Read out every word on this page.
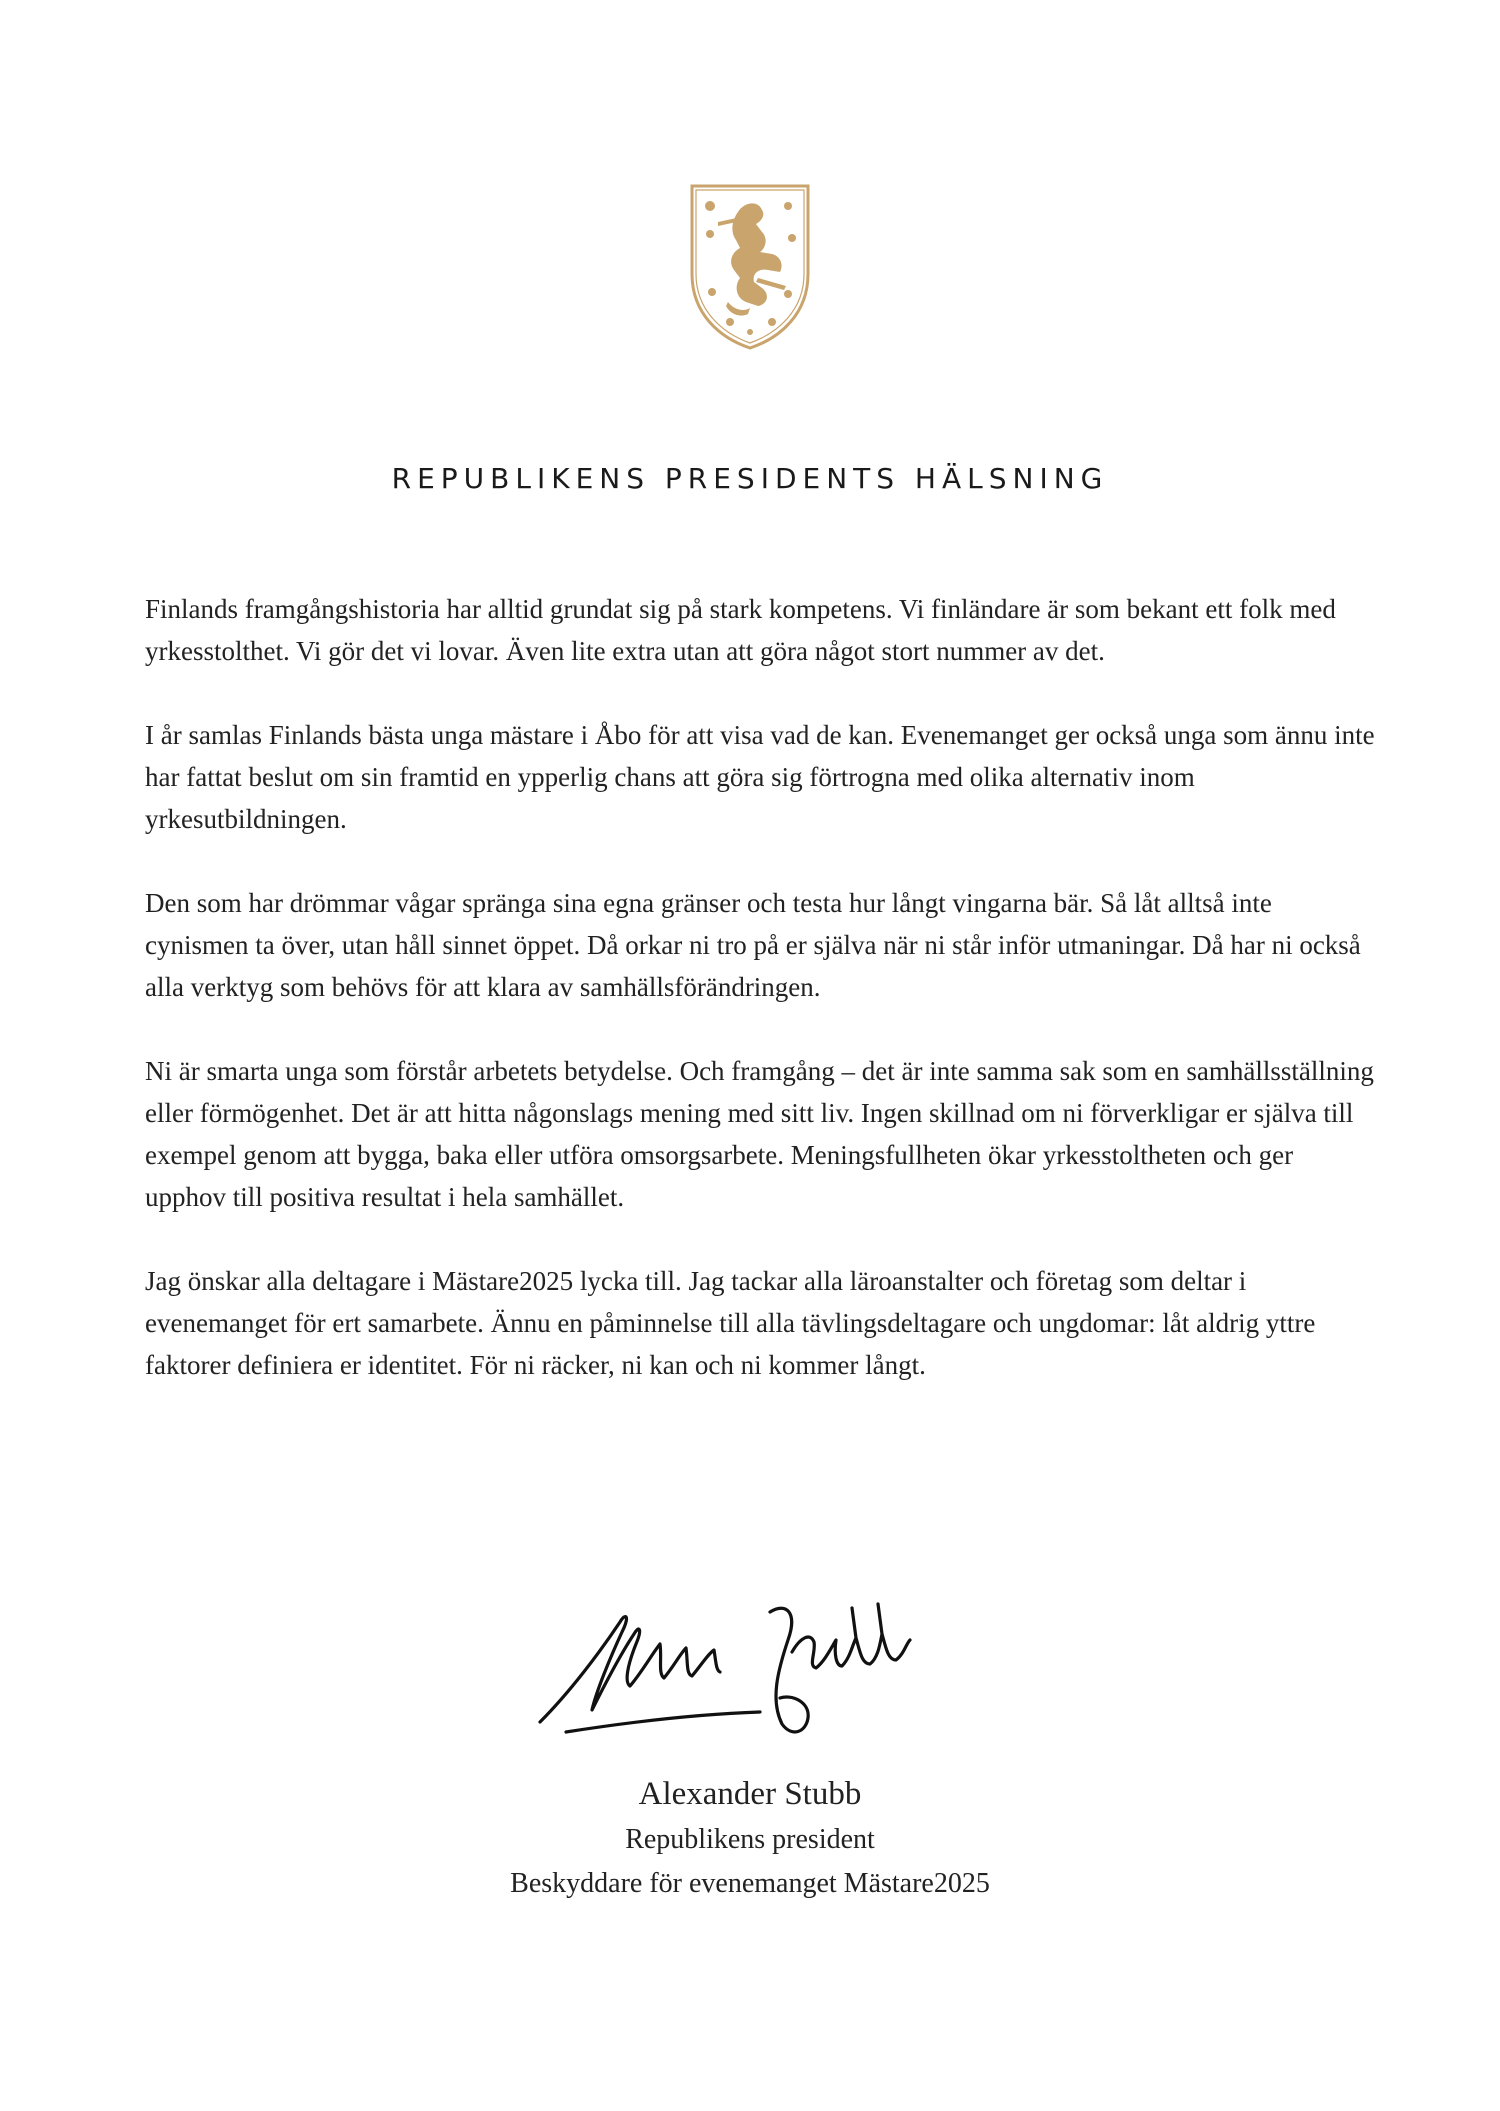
REPUBLIKENS PRESIDENTS HÄLSNING

Finlands framgångshistoria har alltid grundat sig på stark kompetens. Vi finländare är som bekant ett folk med yrkesstolthet. Vi gör det vi lovar. Även lite extra utan att göra något stort nummer av det.

I år samlas Finlands bästa unga mästare i Åbo för att visa vad de kan. Evenemanget ger också unga som ännu inte har fattat beslut om sin framtid en ypperlig chans att göra sig förtrogna med olika alternativ inom yrkesutbildningen.

Den som har drömmar vågar spränga sina egna gränser och testa hur långt vingarna bär. Så låt alltså inte cynismen ta över, utan håll sinnet öppet. Då orkar ni tro på er själva när ni står inför utmaningar. Då har ni också alla verktyg som behövs för att klara av samhällsförändringen.

Ni är smarta unga som förstår arbetets betydelse. Och framgång – det är inte samma sak som en samhällsställning eller förmögenhet. Det är att hitta någonslags mening med sitt liv. Ingen skillnad om ni förverkligar er själva till exempel genom att bygga, baka eller utföra omsorgsarbete. Meningsfullheten ökar yrkesstoltheten och ger upphov till positiva resultat i hela samhället.

Jag önskar alla deltagare i Mästare2025 lycka till. Jag tackar alla läroanstalter och företag som deltar i evenemanget för ert samarbete. Ännu en påminnelse till alla tävlingsdeltagare och ungdomar: låt aldrig yttre faktorer definiera er identitet. För ni räcker, ni kan och ni kommer långt.

Alexander Stubb
Republikens president
Beskyddare för evenemanget Mästare2025
